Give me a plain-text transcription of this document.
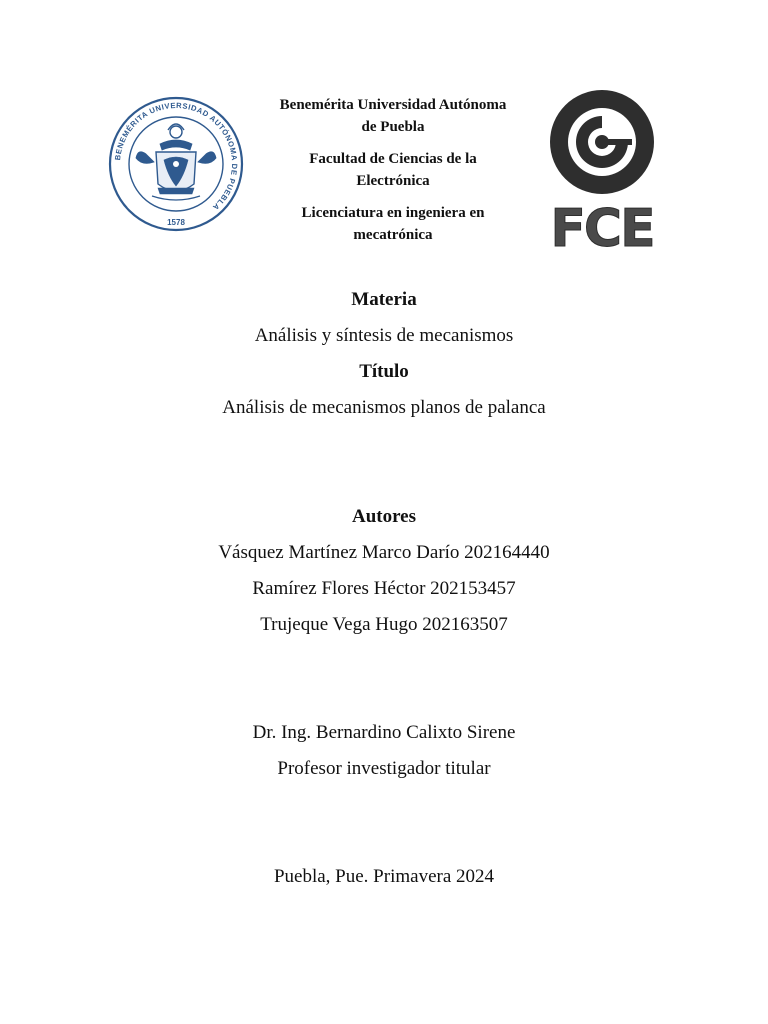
BENEMÉRITA UNIVERSIDAD AUTÓNOMA DE PUEBLA
1578
Benemérita Universidad Autónoma
de Puebla
Facultad de Ciencias de la
Electrónica
Licenciatura en ingeniera en
mecatrónica	FCE
Materia
Análisis y síntesis de mecanismos
Título
Análisis de mecanismos planos de palanca
Autores
Vásquez Martínez Marco Darío 202164440
Ramírez Flores Héctor 202153457
Trujeque Vega Hugo 202163507
Dr. Ing. Bernardino Calixto Sirene
Profesor investigador titular
Puebla, Pue. Primavera 2024
